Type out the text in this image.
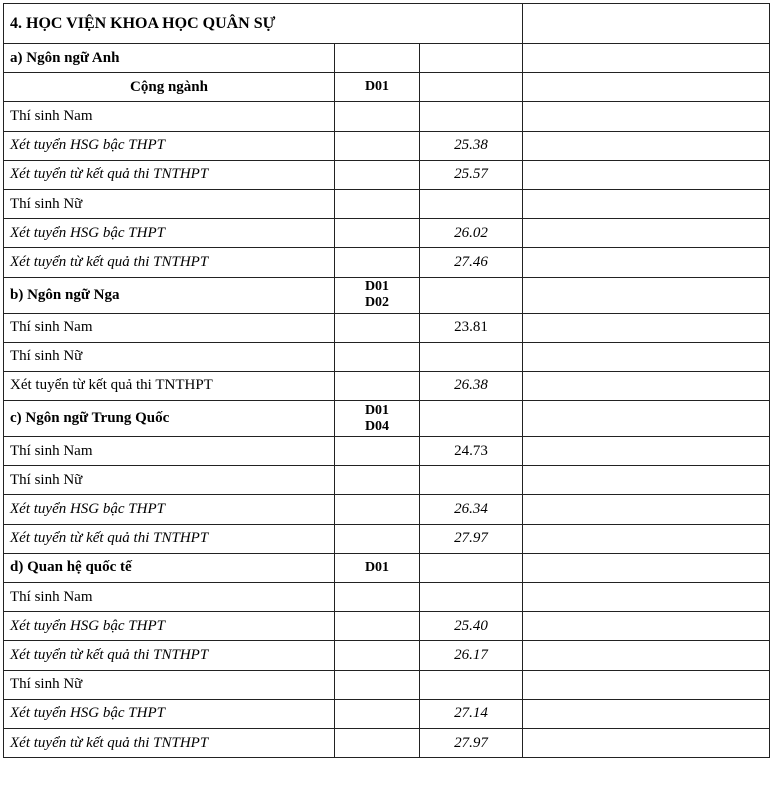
4. HỌC VIỆN KHOA HỌC QUÂN SỰ			
a) Ngôn ngữ Anh			
Cộng ngành	D01		

Thí sinh Nam			
Xét tuyển HSG bậc THPT		25.38	
Xét tuyển từ kết quả thi TNTHPT		25.57	
Thí sinh Nữ			
Xét tuyển HSG bậc THPT		26.02	
Xét tuyển từ kết quả thi TNTHPT		27.46	
b) Ngôn ngữ Nga	D01
D02		

Thí sinh Nam		23.81	
Thí sinh Nữ			
Xét tuyển từ kết quả thi TNTHPT		26.38	
c) Ngôn ngữ Trung Quốc	D01
D04		

Thí sinh Nam		24.73	
Thí sinh Nữ			
Xét tuyển HSG bậc THPT		26.34	
Xét tuyển từ kết quả thi TNTHPT		27.97	
d) Quan hệ quốc tế	D01		

Thí sinh Nam			
Xét tuyển HSG bậc THPT		25.40	
Xét tuyển từ kết quả thi TNTHPT		26.17	
Thí sinh Nữ			
Xét tuyển HSG bậc THPT		27.14	
Xét tuyển từ kết quả thi TNTHPT		27.97	
